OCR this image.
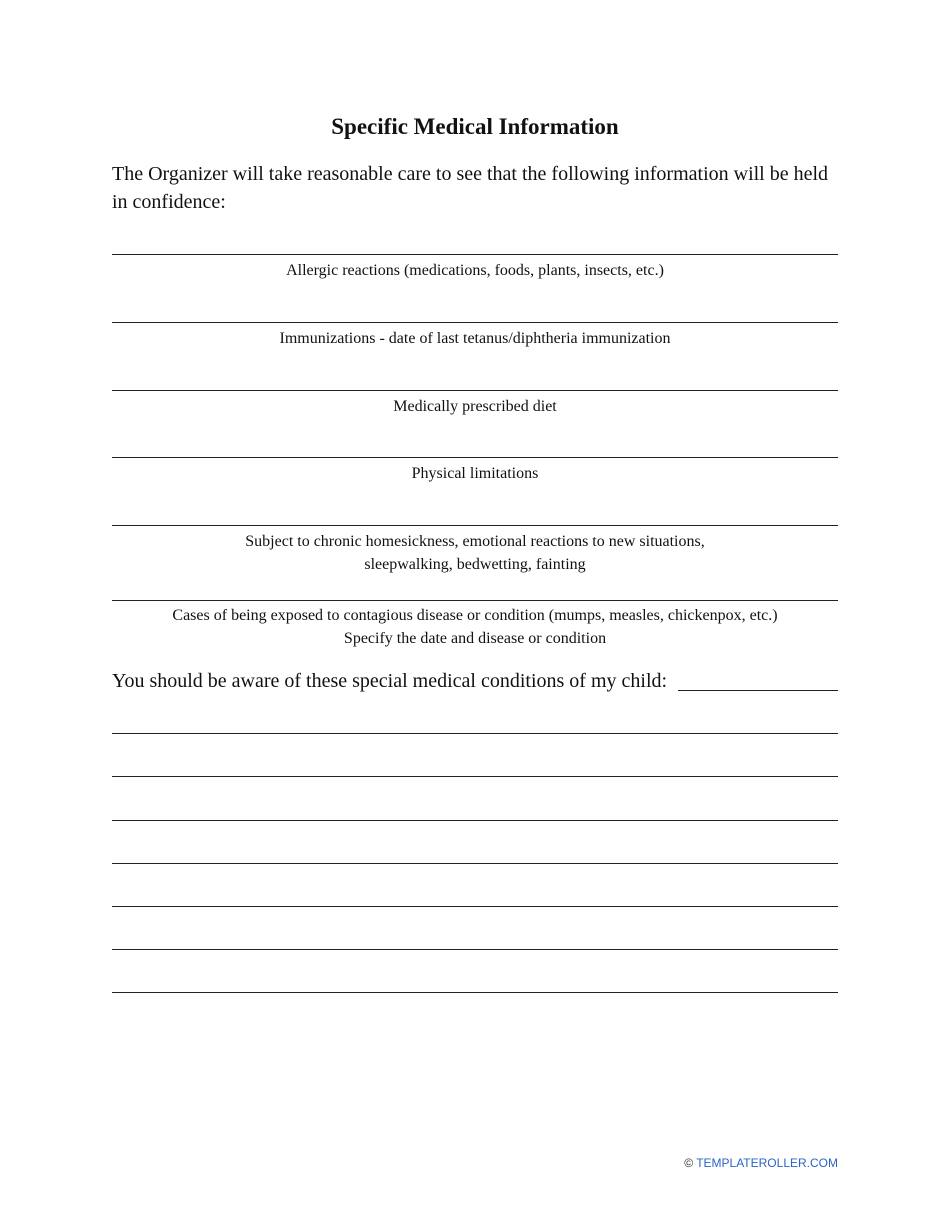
Specific Medical Information
The Organizer will take reasonable care to see that the following information will be held in confidence:
Allergic reactions (medications, foods, plants, insects, etc.)
Immunizations - date of last tetanus/diphtheria immunization
Medically prescribed diet
Physical limitations
Subject to chronic homesickness, emotional reactions to new situations,
sleepwalking, bedwetting, fainting
Cases of being exposed to contagious disease or condition (mumps, measles, chickenpox, etc.)
Specify the date and disease or condition
You should be aware of these special medical conditions of my child:
© TEMPLATEROLLER.COM
